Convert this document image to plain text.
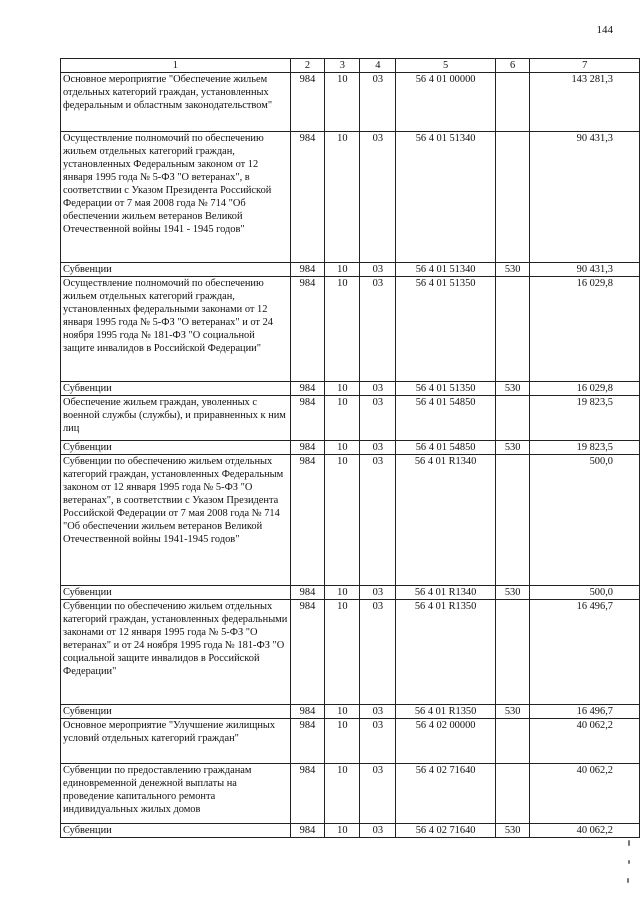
144
1	2	3	4	5	6	7
Основное мероприятие "Обеспечение жильем отдельных категорий граждан, установленных федеральным и областным законодательством"	984	10	03	56 4 01 00000		143 281,3
Осуществление полномочий по обеспечению жильем отдельных категорий граждан, установленных Федеральным законом от 12 января 1995 года № 5-ФЗ "О ветеранах", в соответствии с Указом Президента Российской Федерации от 7 мая 2008 года № 714 "Об обеспечении жильем ветеранов Великой Отечественной войны 1941 - 1945 годов"	984	10	03	56 4 01 51340		90 431,3
Субвенции	984	10	03	56 4 01 51340	530	90 431,3
Осуществление полномочий по обеспечению жильем отдельных категорий граждан, установленных федеральными законами от 12 января 1995 года № 5-ФЗ "О ветеранах" и от 24 ноября 1995 года № 181-ФЗ "О социальной защите инвалидов в Российской Федерации"	984	10	03	56 4 01 51350		16 029,8
Субвенции	984	10	03	56 4 01 51350	530	16 029,8
Обеспечение жильем граждан, уволенных с военной службы (службы), и приравненных к ним лиц	984	10	03	56 4 01 54850		19 823,5
Субвенции	984	10	03	56 4 01 54850	530	19 823,5
Субвенции по обеспечению жильем отдельных категорий граждан, установленных Федеральным законом от 12 января 1995 года № 5-ФЗ "О ветеранах", в соответствии с Указом Президента Российской Федерации от 7 мая 2008 года № 714 "Об обеспечении жильем ветеранов Великой Отечественной войны 1941-1945 годов"	984	10	03	56 4 01 R1340		500,0
Субвенции	984	10	03	56 4 01 R1340	530	500,0
Субвенции по обеспечению жильем отдельных категорий граждан, установленных федеральными законами от 12 января 1995 года № 5-ФЗ "О ветеранах" и от 24 ноября 1995 года № 181-ФЗ "О социальной защите инвалидов в Российской Федерации"	984	10	03	56 4 01 R1350		16 496,7
Субвенции	984	10	03	56 4 01 R1350	530	16 496,7
Основное мероприятие "Улучшение жилищных условий отдельных категорий граждан"	984	10	03	56 4 02 00000		40 062,2
Субвенции по предоставлению гражданам единовременной денежной выплаты на проведение капитального ремонта индивидуальных жилых домов	984	10	03	56 4 02 71640		40 062,2
Субвенции	984	10	03	56 4 02 71640	530	40 062,2
